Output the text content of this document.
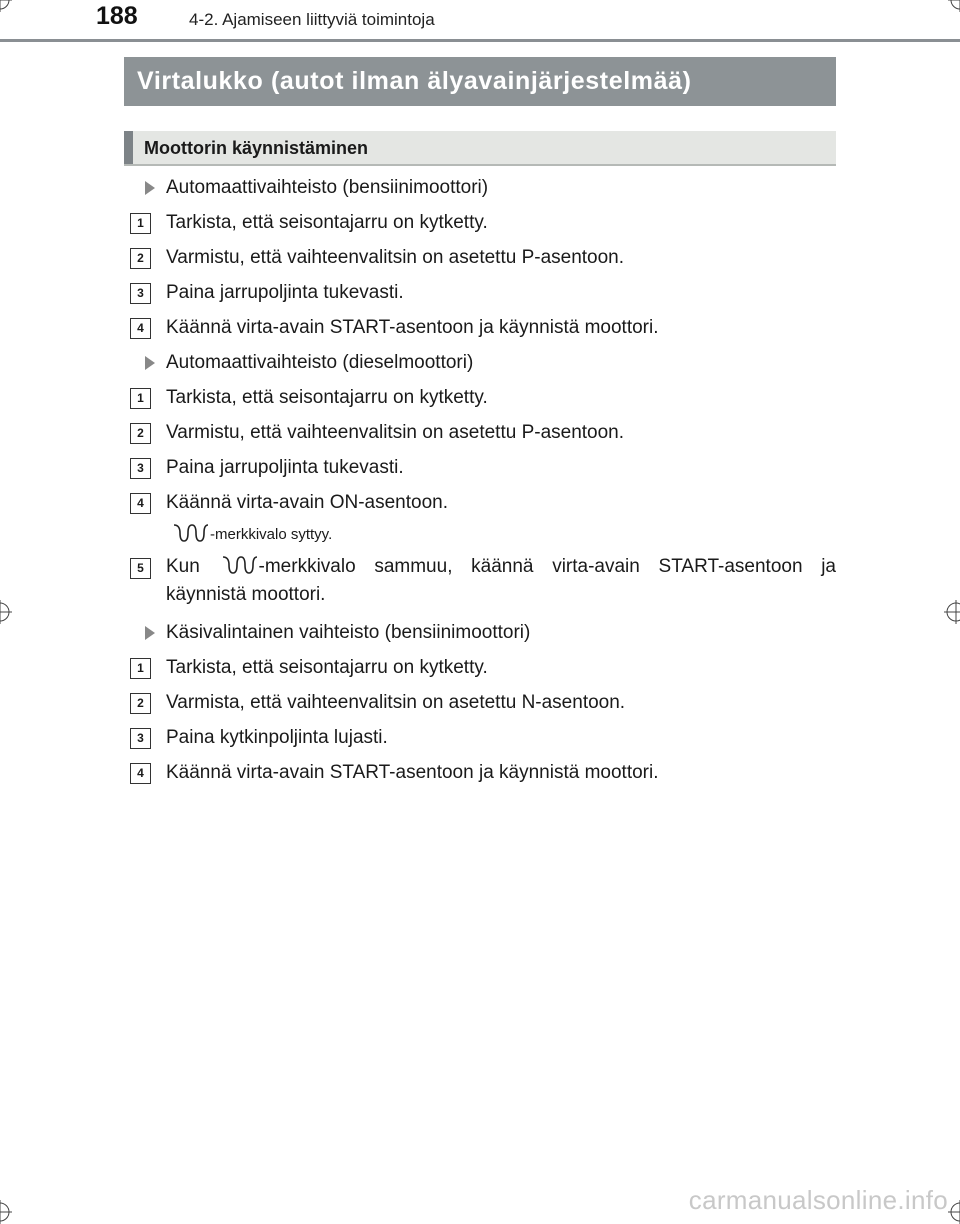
188	4-2. Ajamiseen liittyviä toimintoja
Virtalukko (autot ilman älyavainjärjestelmää)
Moottorin käynnistäminen
Automaattivaihteisto (bensiinimoottori)
1	Tarkista, että seisontajarru on kytketty.
2	Varmistu, että vaihteenvalitsin on asetettu P-asentoon.
3	Paina jarrupoljinta tukevasti.
4	Käännä virta-avain START-asentoon ja käynnistä moottori.
Automaattivaihteisto (dieselmoottori)
1	Tarkista, että seisontajarru on kytketty.
2	Varmistu, että vaihteenvalitsin on asetettu P-asentoon.
3	Paina jarrupoljinta tukevasti.
4	Käännä virta-avain ON-asentoon.
-merkkivalo syttyy.
5	Kun	-merkkivalo sammuu, käännä virta-avain START-asentoon ja käynnistä moottori.
Käsivalintainen vaihteisto (bensiinimoottori)
1	Tarkista, että seisontajarru on kytketty.
2	Varmista, että vaihteenvalitsin on asetettu N-asentoon.
3	Paina kytkinpoljinta lujasti.
4	Käännä virta-avain START-asentoon ja käynnistä moottori.
carmanualsonline.info
